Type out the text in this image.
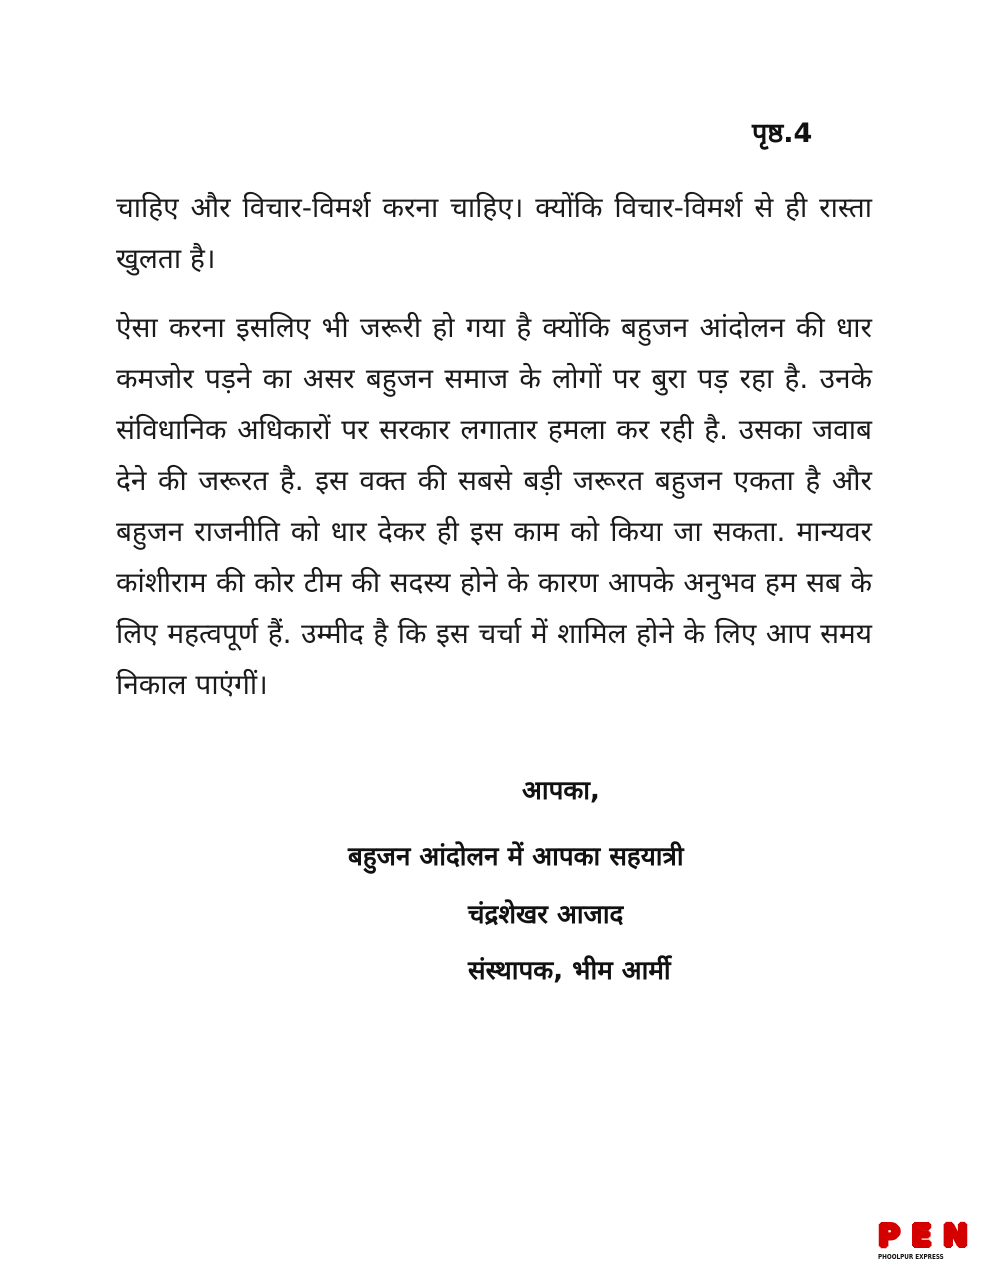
पृष्ठ.4

चाहिए और विचार-विमर्श करना चाहिए। क्योंकि विचार-विमर्श से ही रास्ता खुलता है।

ऐसा करना इसलिए भी जरूरी हो गया है क्योंकि बहुजन आंदोलन की धार कमजोर पड़ने का असर बहुजन समाज के लोगों पर बुरा पड़ रहा है. उनके संविधानिक अधिकारों पर सरकार लगातार हमला कर रही है. उसका जवाब देने की जरूरत है. इस वक्त की सबसे बड़ी जरूरत बहुजन एकता है और बहुजन राजनीति को धार देकर ही इस काम को किया जा सकता. मान्यवर कांशीराम की कोर टीम की सदस्य होने के कारण आपके अनुभव हम सब के लिए महत्वपूर्ण हैं. उम्मीद है कि इस चर्चा में शामिल होने के लिए आप समय निकाल पाएंगीं।

आपका,
बहुजन आंदोलन में आपका सहयात्री
चंद्रशेखर आजाद
संस्थापक, भीम आर्मी
P E N
PHOOLPUR EXPRESS
